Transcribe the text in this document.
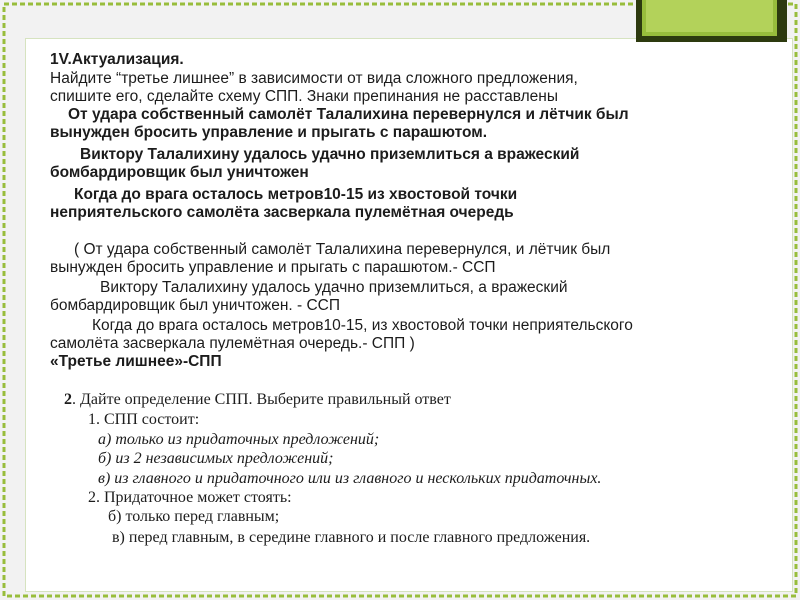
1V.Актуализация.
Найдите “третье лишнее” в зависимости от вида сложного предложения,
спишите его, сделайте схему СПП. Знаки препинания не расставлены
От удара собственный самолёт Талалихина перевернулся и лётчик был
вынужден бросить управление и прыгать с парашютом.
Виктору Талалихину удалось удачно приземлиться а вражеский
бомбардировщик был уничтожен
Когда до врага осталось метров10-15 из хвостовой точки
неприятельского самолёта засверкала пулемётная очередь
( От удара собственный самолёт Талалихина перевернулся, и лётчик был
вынужден бросить управление и прыгать с парашютом.- ССП
Виктору Талалихину удалось удачно приземлиться, а вражеский
бомбардировщик был уничтожен. - ССП
Когда до врага осталось метров10-15, из хвостовой точки неприятельского
самолёта засверкала пулемётная очередь.- СПП )
«Третье лишнее»-СПП
2. Дайте определение СПП. Выберите правильный ответ
1. СПП состоит:
а) только из придаточных предложений;
б) из 2 независимых предложений;
в) из главного и придаточного или из главного и нескольких придаточных.
2. Придаточное может стоять:
б) только перед главным;
в) перед главным, в середине главного и после главного предложения.
